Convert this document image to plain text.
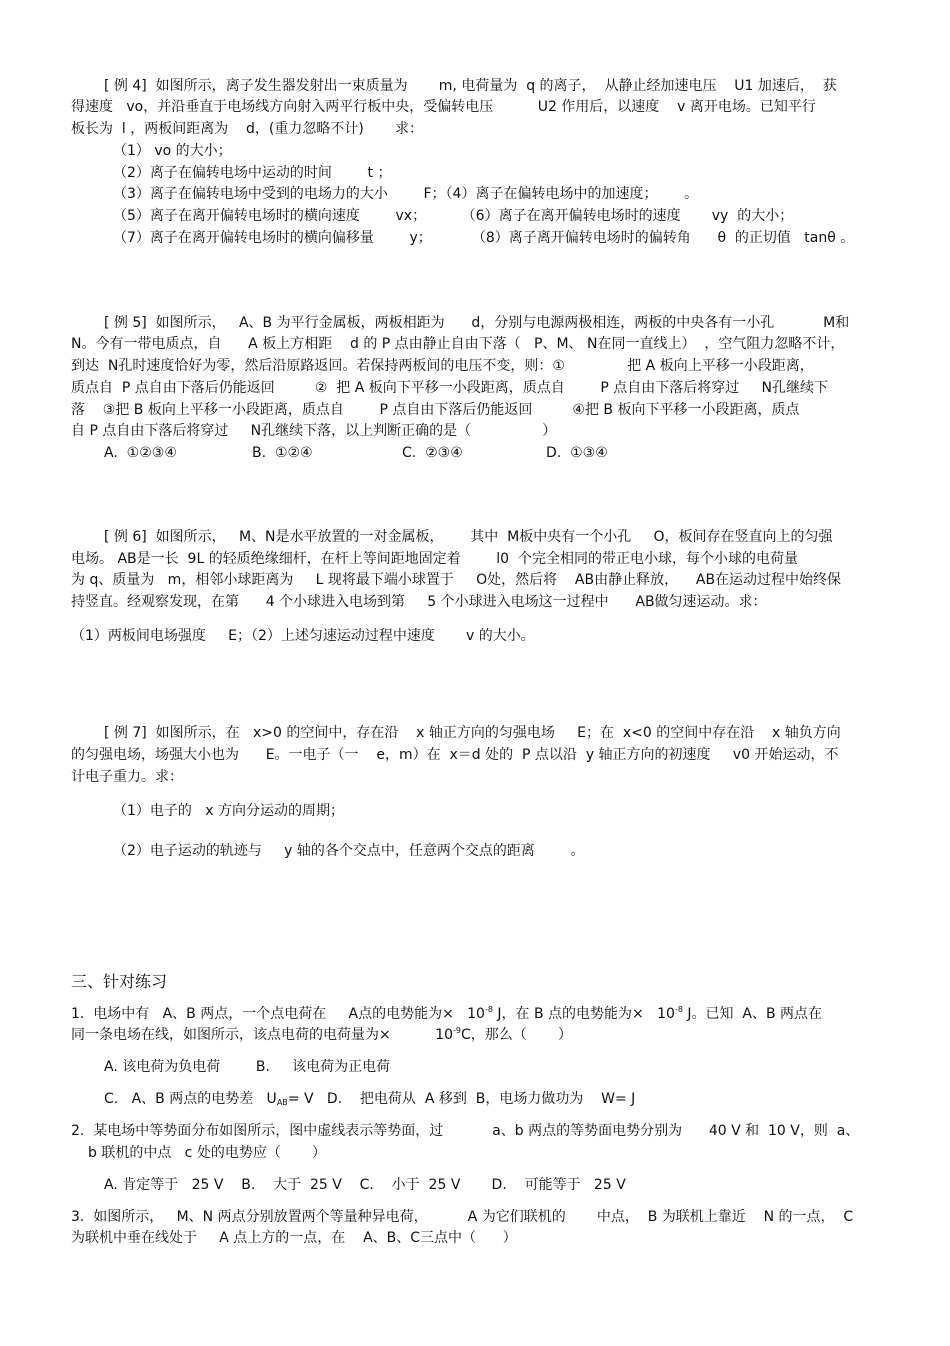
[ 例 4]  如图所示，离子发生器发射出一束质量为       m, 电荷量为  q 的离子，  从静止经加速电压    U1 加速后，  获
得速度   vo，并沿垂直于电场线方向射入两平行板中央，受偏转电压          U2 作用后，以速度    v 离开电场。已知平行
板长为  l ，两板间距离为    d，(重力忽略不计)       求：
（1） vo 的大小；
（2）离子在偏转电场中运动的时间        t ；
（3）离子在偏转电场中受到的电场力的大小        F；（4）离子在偏转电场中的加速度；      。
（5）离子在离开偏转电场时的横向速度        vx；        （6）离子在离开偏转电场时的速度       vy  的大小；
（7）离子在离开偏转电场时的横向偏移量        y；         （8）离子离开偏转电场时的偏转角      θ  的正切值   tanθ 。
[ 例 5]  如图所示，   A、B 为平行金属板，两板相距为      d，分别与电源两极相连，两板的中央各有一小孔           M和
N。今有一带电质点，自      A 板上方相距    d 的 P 点由静止自由下落（   P、M、 N在同一直线上）  ，空气阻力忽略不计，
到达  N孔时速度恰好为零，然后沿原路返回。若保持两板间的电压不变，则：①              把 A 板向上平移一小段距离，
质点自  P 点自由下落后仍能返回         ②  把 A 板向下平移一小段距离，质点自        P 点自由下落后将穿过     N孔继续下
落    ③把 B 板向上平移一小段距离，质点自        P 点自由下落后仍能返回         ④把 B 板向下平移一小段距离，质点
自 P 点自由下落后将穿过     N孔继续下落，以上判断正确的是（                ）
A.  ①②③④	B.  ①②④	C.  ②③④	D.  ①③④
[ 例 6]  如图所示，   M、N是水平放置的一对金属板，      其中  M板中央有一个小孔     O，板间存在竖直向上的匀强
电场。 AB是一长  9L 的轻质绝缘细杆，在杆上等间距地固定着        l0  个完全相同的带正电小球，每个小球的电荷量
为 q、质量为   m，相邻小球距离为     L 现将最下端小球置于     O处，然后将    AB由静止释放，    AB在运动过程中始终保
持竖直。经观察发现，在第      4 个小球进入电场到第     5 个小球进入电场这一过程中      AB做匀速运动。求：
（1）两板间电场强度     E；（2）上述匀速运动过程中速度       v 的大小。
[ 例 7]  如图所示，在   x>0 的空间中，存在沿    x 轴正方向的匀强电场     E；在  x<0 的空间中存在沿    x 轴负方向
的匀强电场，场强大小也为      E。一电子（一    e，m）在  x＝d 处的  P 点以沿  y 轴正方向的初速度     v0 开始运动，不
计电子重力。求：
（1）电子的   x 方向分运动的周期；
（2）电子运动的轨迹与     y 轴的各个交点中，任意两个交点的距离        。
三、针对练习
1.  电场中有   A、B 两点，一个点电荷在     A点的电势能为×   $10^{-8}$ J，在 B 点的电势能为×   $10^{-8}$ J。已知  A、B 两点在
同一条电场在线，如图所示，该点电荷的电荷量为×          $10^{-9}C$，那么（       ）
A. 该电荷为负电荷        B.     该电荷为正电荷
C.   A、B 两点的电势差   $U_{AB}= V$   D.    把电荷从  A 移到  B，电场力做功为    W= J
2.  某电场中等势面分布如图所示，图中虚线表示等势面，过           a、b 两点的等势面电势分别为      40 V 和  10 V，则  a、
b 联机的中点   c 处的电势应（       ）
A. 肯定等于   25 V    B.    大于  25 V    C.    小于  25 V       D.    可能等于   25 V
3.  如图所示，   M、N 两点分别放置两个等量种异电荷，         A 为它们联机的       中点，  B 为联机上靠近    N 的一点，  C
为联机中垂在线处于     A 点上方的一点，在    A、B、C三点中（      ）
